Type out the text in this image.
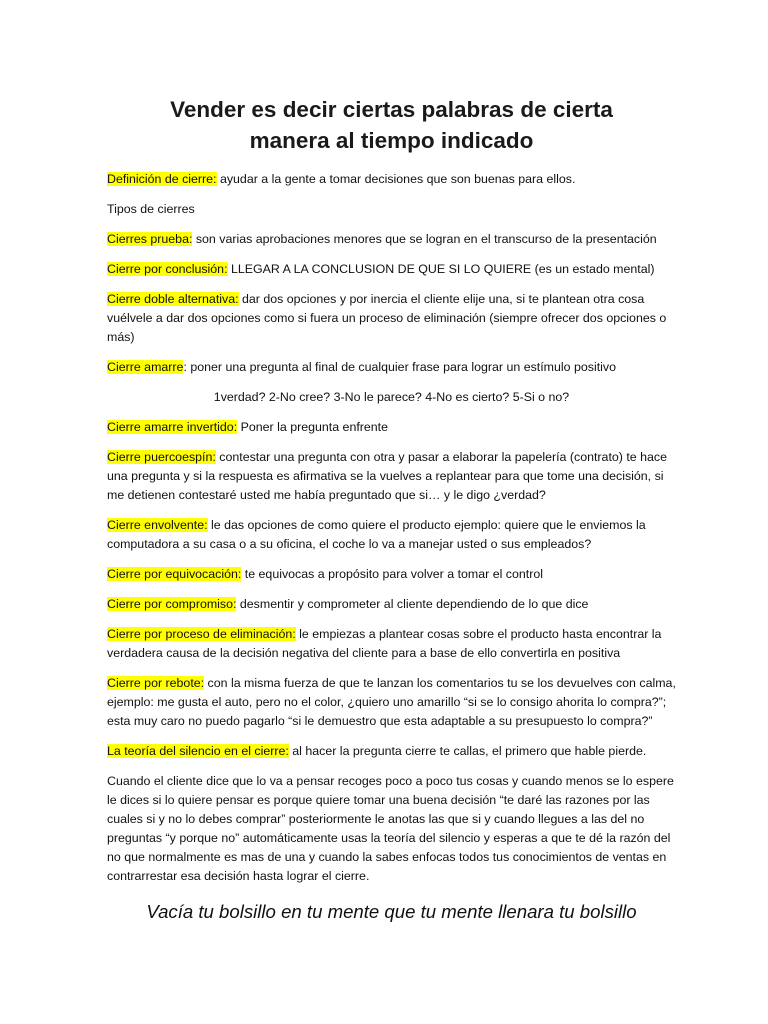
Vender es decir ciertas palabras de cierta manera al tiempo indicado

Definición de cierre: ayudar a la gente a tomar decisiones que son buenas para ellos.

Tipos de cierres

Cierres prueba: son varias aprobaciones menores que se logran en el transcurso de la presentación

Cierre por conclusión: LLEGAR A LA CONCLUSION DE QUE SI LO QUIERE (es un estado mental)

Cierre doble alternativa: dar dos opciones y por inercia el cliente elije una, si te plantean otra cosa vuélvele a dar dos opciones como si fuera un proceso de eliminación (siempre ofrecer dos opciones o más)

Cierre amarre: poner una pregunta al final de cualquier frase para lograr un estímulo positivo

1verdad? 2-No cree? 3-No le parece? 4-No es cierto? 5-Si o no?

Cierre amarre invertido: Poner la pregunta enfrente

Cierre puercoespín: contestar una pregunta con otra y pasar a elaborar la papelería (contrato) te hace una pregunta y si la respuesta es afirmativa se la vuelves a replantear para que tome una decisión, si me detienen contestaré usted me había preguntado que si… y le digo ¿verdad?

Cierre envolvente: le das opciones de como quiere el producto ejemplo: quiere que le enviemos la computadora a su casa o a su oficina, el coche lo va a manejar usted o sus empleados?

Cierre por equivocación: te equivocas a propósito para volver a tomar el control

Cierre por compromiso: desmentir y comprometer al cliente dependiendo de lo que dice

Cierre por proceso de eliminación: le empiezas a plantear cosas sobre el producto hasta encontrar la verdadera causa de la decisión negativa del cliente para a base de ello convertirla en positiva

Cierre por rebote: con la misma fuerza de que te lanzan los comentarios tu se los devuelves con calma, ejemplo: me gusta el auto, pero no el color, ¿quiero uno amarillo “si se lo consigo ahorita lo compra?”; esta muy caro no puedo pagarlo “si le demuestro que esta adaptable a su presupuesto lo compra?”

La teoría del silencio en el cierre: al hacer la pregunta cierre te callas, el primero que hable pierde.

Cuando el cliente dice que lo va a pensar recoges poco a poco tus cosas y cuando menos se lo espere le dices si lo quiere pensar es porque quiere tomar una buena decisión “te daré las razones por las cuales si y no lo debes comprar” posteriormente le anotas las que si y cuando llegues a las del no preguntas “y porque no” automáticamente usas la teoría del silencio y esperas a que te dé la razón del no que normalmente es mas de una y cuando la sabes enfocas todos tus conocimientos de ventas en contrarrestar esa decisión hasta lograr el cierre.

Vacía tu bolsillo en tu mente que tu mente llenara tu bolsillo
